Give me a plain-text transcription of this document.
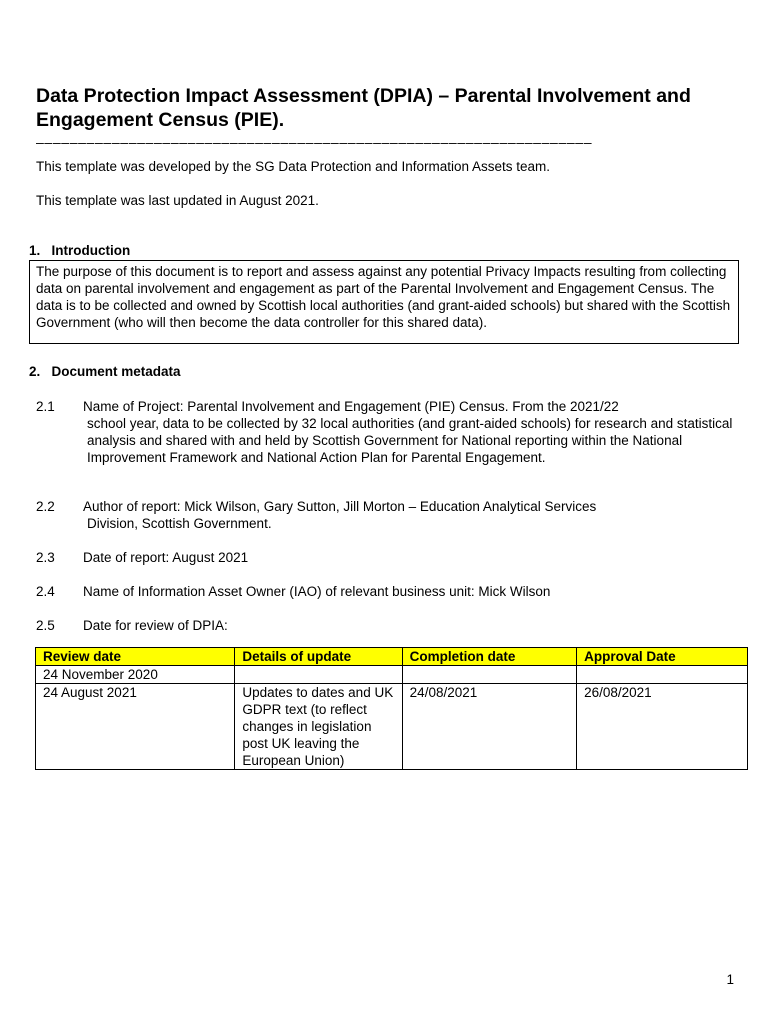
Data Protection Impact Assessment (DPIA) – Parental Involvement and Engagement Census (PIE).
––––––––––––––––––––––––––––––––––––––––––––––––––––––––––––––––––
This template was developed by the SG Data Protection and Information Assets team.
This template was last updated in August 2021.
1.   Introduction
The purpose of this document is to report and assess against any potential Privacy Impacts resulting from collecting data on parental involvement and engagement as part of the Parental Involvement and Engagement Census. The data is to be collected and owned by Scottish local authorities (and grant-aided schools) but shared with the Scottish Government (who will then become the data controller for this shared data).
2.   Document metadata
2.1 Name of Project: Parental Involvement and Engagement (PIE) Census. From the 2021/22
school year, data to be collected by 32 local authorities (and grant-aided schools) for research and statistical analysis and shared with and held by Scottish Government for National reporting within the National Improvement Framework and National Action Plan for Parental Engagement.
2.2 Author of report: Mick Wilson, Gary Sutton, Jill Morton – Education Analytical Services
Division, Scottish Government.
2.3 Date of report: August 2021
2.4 Name of Information Asset Owner (IAO) of relevant business unit: Mick Wilson
2.5 Date for review of DPIA:
Review date	Details of update	Completion date	Approval Date
24 November 2020			
24 August 2021	Updates to dates and UK GDPR text (to reflect changes in legislation post UK leaving the European Union)	24/08/2021	26/08/2021
1
